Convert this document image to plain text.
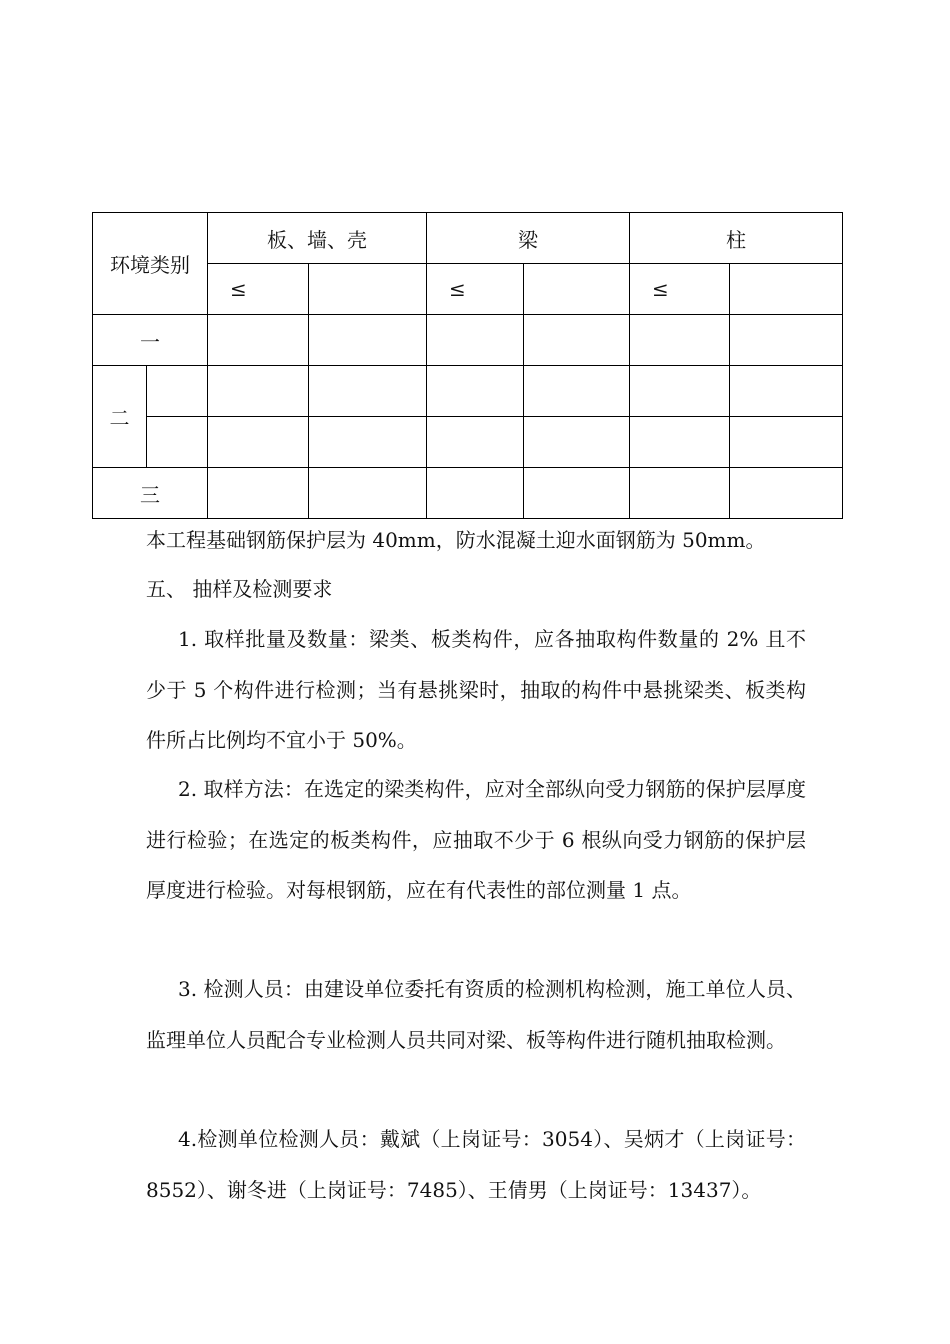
环境类别		板、墙、壳		梁		柱	
		≤		≤		≤	
一							
二							

三							

本工程基础钢筋保护层为 40mm，防水混凝土迎水面钢筋为 50mm。

五、 抽样及检测要求

1. 取样批量及数量：梁类、板类构件，应各抽取构件数量的 2% 且不少于 5 个构件进行检测；当有悬挑梁时，抽取的构件中悬挑梁类、板类构件所占比例均不宜小于 50%。

2. 取样方法：在选定的梁类构件，应对全部纵向受力钢筋的保护层厚度进行检验；在选定的板类构件，应抽取不少于 6 根纵向受力钢筋的保护层厚度进行检验。对每根钢筋，应在有代表性的部位测量 1 点。

3. 检测人员：由建设单位委托有资质的检测机构检测，施工单位人员、监理单位人员配合专业检测人员共同对梁、板等构件进行随机抽取检测。

4.检测单位检测人员：戴斌（上岗证号：3054）、吴炳才（上岗证号：8552）、谢冬进（上岗证号：7485）、王倩男（上岗证号：13437）。
